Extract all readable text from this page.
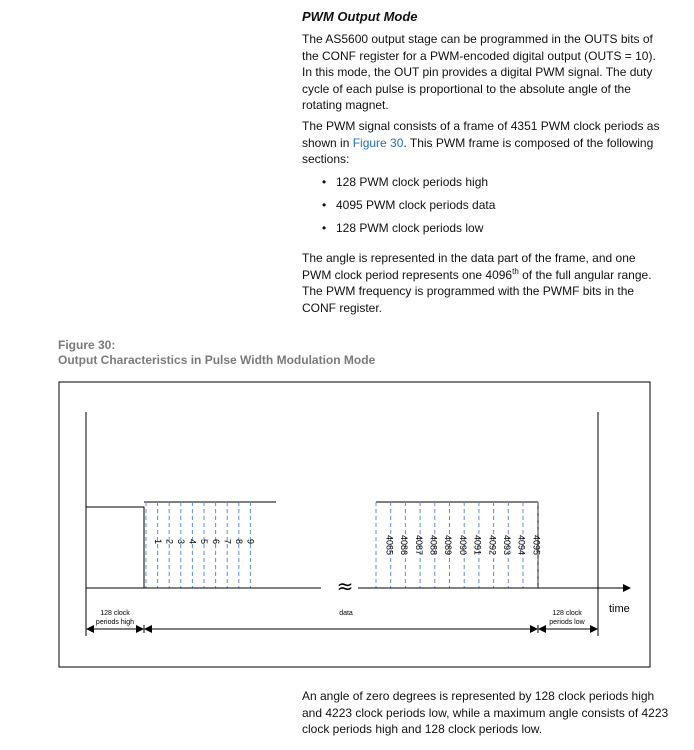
PWM Output Mode
The AS5600 output stage can be programmed in the OUTS bits of the CONF register for a PWM-encoded digital output (OUTS = 10). In this mode, the OUT pin provides a digital PWM signal. The duty cycle of each pulse is proportional to the absolute angle of the rotating magnet.
The PWM signal consists of a frame of 4351 PWM clock periods as shown in Figure 30. This PWM frame is composed of the following sections:
• 128 PWM clock periods high
• 4095 PWM clock periods data
• 128 PWM clock periods low
The angle is represented in the data part of the frame, and one PWM clock period represents one 4096th of the full angular range. The PWM frequency is programmed with the PWMF bits in the CONF register.
Figure 30:
Output Characteristics in Pulse Width Modulation Mode
1 2 3 4 5 6 7 8 9	4085 4086 4087 4088 4089 4090 4091 4092 4093 4094 4095
≈
time
128 clock
periods high
data	128 clock
periods low
An angle of zero degrees is represented by 128 clock periods high and 4223 clock periods low, while a maximum angle consists of 4223 clock periods high and 128 clock periods low.
